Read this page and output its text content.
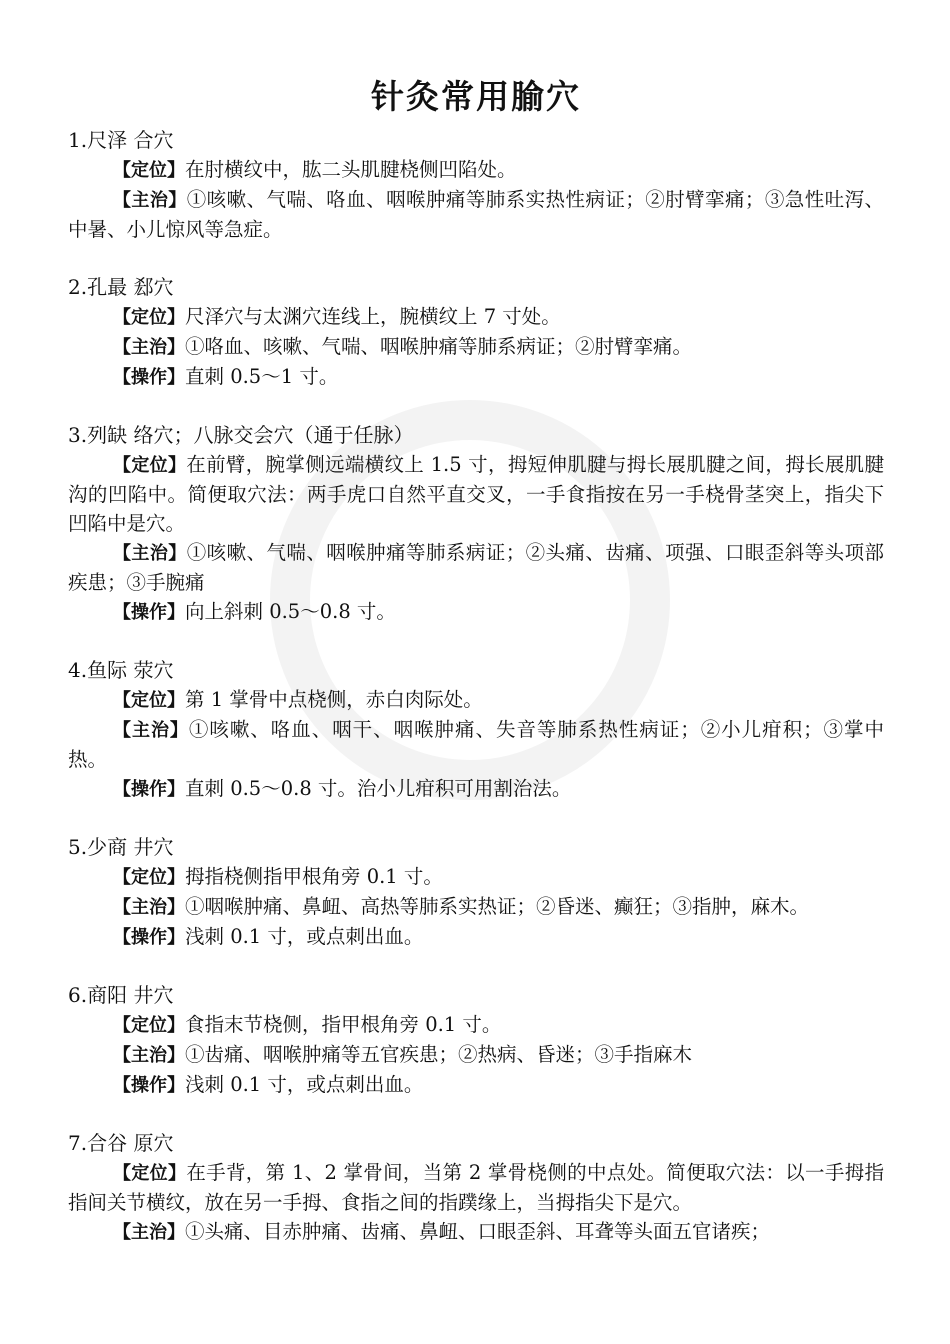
针灸常用腧穴

1.尺泽 合穴

【定位】在肘横纹中，肱二头肌腱桡侧凹陷处。

【主治】①咳嗽、气喘、咯血、咽喉肿痛等肺系实热性病证；②肘臂挛痛；③急性吐泻、中暑、小儿惊风等急症。

2.孔最 郄穴

【定位】尺泽穴与太渊穴连线上，腕横纹上 7 寸处。

【主治】①咯血、咳嗽、气喘、咽喉肿痛等肺系病证；②肘臂挛痛。

【操作】直刺 0.5～1 寸。

3.列缺 络穴；八脉交会穴（通于任脉）

【定位】在前臂，腕掌侧远端横纹上 1.5 寸，拇短伸肌腱与拇长展肌腱之间，拇长展肌腱沟的凹陷中。简便取穴法：两手虎口自然平直交叉，一手食指按在另一手桡骨茎突上，指尖下凹陷中是穴。

【主治】①咳嗽、气喘、咽喉肿痛等肺系病证；②头痛、齿痛、项强、口眼歪斜等头项部疾患；③手腕痛

【操作】向上斜刺 0.5～0.8 寸。

4.鱼际 荥穴

【定位】第 1 掌骨中点桡侧，赤白肉际处。

【主治】①咳嗽、咯血、咽干、咽喉肿痛、失音等肺系热性病证；②小儿疳积；③掌中热。

【操作】直刺 0.5～0.8 寸。治小儿疳积可用割治法。

5.少商 井穴

【定位】拇指桡侧指甲根角旁 0.1 寸。

【主治】①咽喉肿痛、鼻衄、高热等肺系实热证；②昏迷、癫狂；③指肿，麻木。

【操作】浅刺 0.1 寸，或点刺出血。

6.商阳 井穴

【定位】食指末节桡侧，指甲根角旁 0.1 寸。

【主治】①齿痛、咽喉肿痛等五官疾患；②热病、昏迷；③手指麻木

【操作】浅刺 0.1 寸，或点刺出血。

7.合谷 原穴

【定位】在手背，第 1、2 掌骨间，当第 2 掌骨桡侧的中点处。简便取穴法：以一手拇指指间关节横纹，放在另一手拇、食指之间的指蹼缘上，当拇指尖下是穴。

【主治】①头痛、目赤肿痛、齿痛、鼻衄、口眼歪斜、耳聋等头面五官诸疾；
